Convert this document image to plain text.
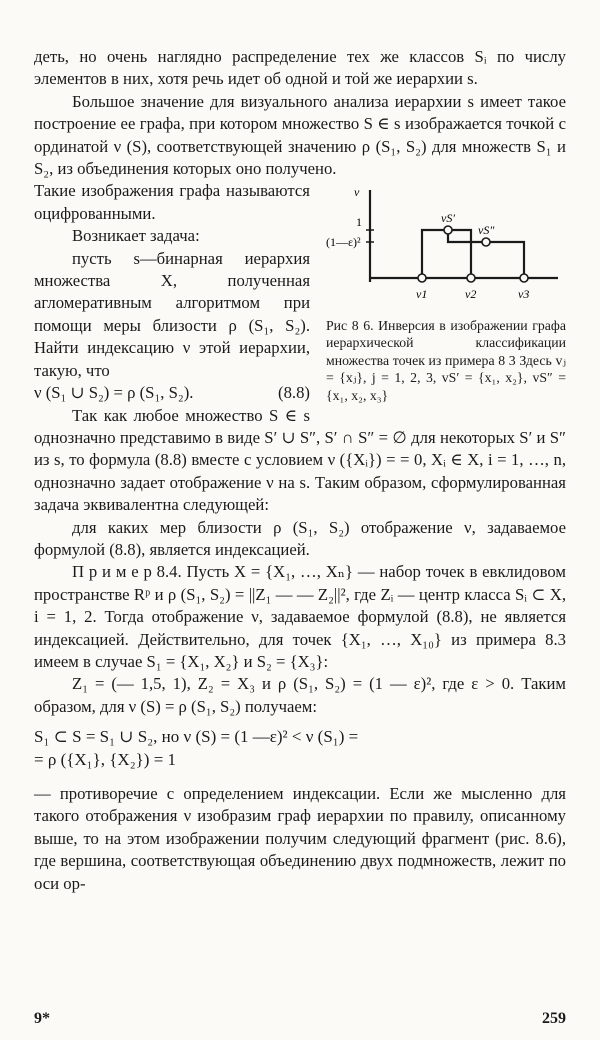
деть, но очень наглядно распределение тех же классов Sᵢ по числу элементов в них, хотя речь идет об одной и той же иерархии s.

Большое значение для визуального анализа иерархии s имеет такое построение ее графа, при котором множество S ∈ s изображается точкой с ординатой ν (S), соответствующей значению ρ (S₁, S₂) для множеств S₁ и S₂, из объединения которых оно получено.

ν
1
(1—ε)²
vS′
vS″
v1	v2	v3
Рис 8 6. Инверсия в изображении графа иерархической классификации множества точек из примера 8 3 Здесь vⱼ = {xⱼ}, j = 1, 2, 3, vS′ = {x₁, x₂}, vS″ = {x₁, x₂, x₃}

Такие изображения графа называются оцифрованными.

Возникает задача:

пусть s—бинарная иерархия множества X, полученная агломеративным алгоритмом при помощи меры близости ρ (S₁, S₂). Найти индексацию ν этой иерархии, такую, что

ν (S₁ ∪ S₂) = ρ (S₁, S₂).	(8.8)

Так как любое множество S ∈ s однозначно представимо в виде S′ ∪ S″, S′ ∩ S″ = ∅ для некоторых S′ и S″ из s, то формула (8.8) вместе с условием ν ({Xᵢ}) = = 0, Xᵢ ∈ X, i = 1, …, n, однозначно задает отображение ν на s. Таким образом, сформулированная задача эквивалентна следующей:

для каких мер близости ρ (S₁, S₂) отображение ν, задаваемое формулой (8.8), является индексацией.

П р и м е р 8.4. Пусть X = {X₁, …, Xₙ} — набор точек в евклидовом пространстве Rᵖ и ρ (S₁, S₂) = ||Z₁ — — Z₂||², где Zᵢ — центр класса Sᵢ ⊂ X, i = 1, 2. Тогда отображение ν, задаваемое формулой (8.8), не является индексацией. Действительно, для точек {X₁, …, X₁₀} из примера 8.3 имеем в случае S₁ = {X₁, X₂} и S₂ = {X₃}:

Z₁ = (— 1,5, 1), Z₂ = X₃ и ρ (S₁, S₂) = (1 — ε)², где ε > 0. Таким образом, для ν (S) = ρ (S₁, S₂) получаем:

S₁ ⊂ S = S₁ ∪ S₂, но ν (S) = (1 —ε)² < ν (S₁) =
= ρ ({X₁}, {X₂}) = 1

— противоречие с определением индексации. Если же мысленно для такого отображения ν изобразим граф иерархии по правилу, описанному выше, то на этом изображении получим следующий фрагмент (рис. 8.6), где вершина, соответствующая объединению двух подмножеств, лежит по оси ор-

9*	259
